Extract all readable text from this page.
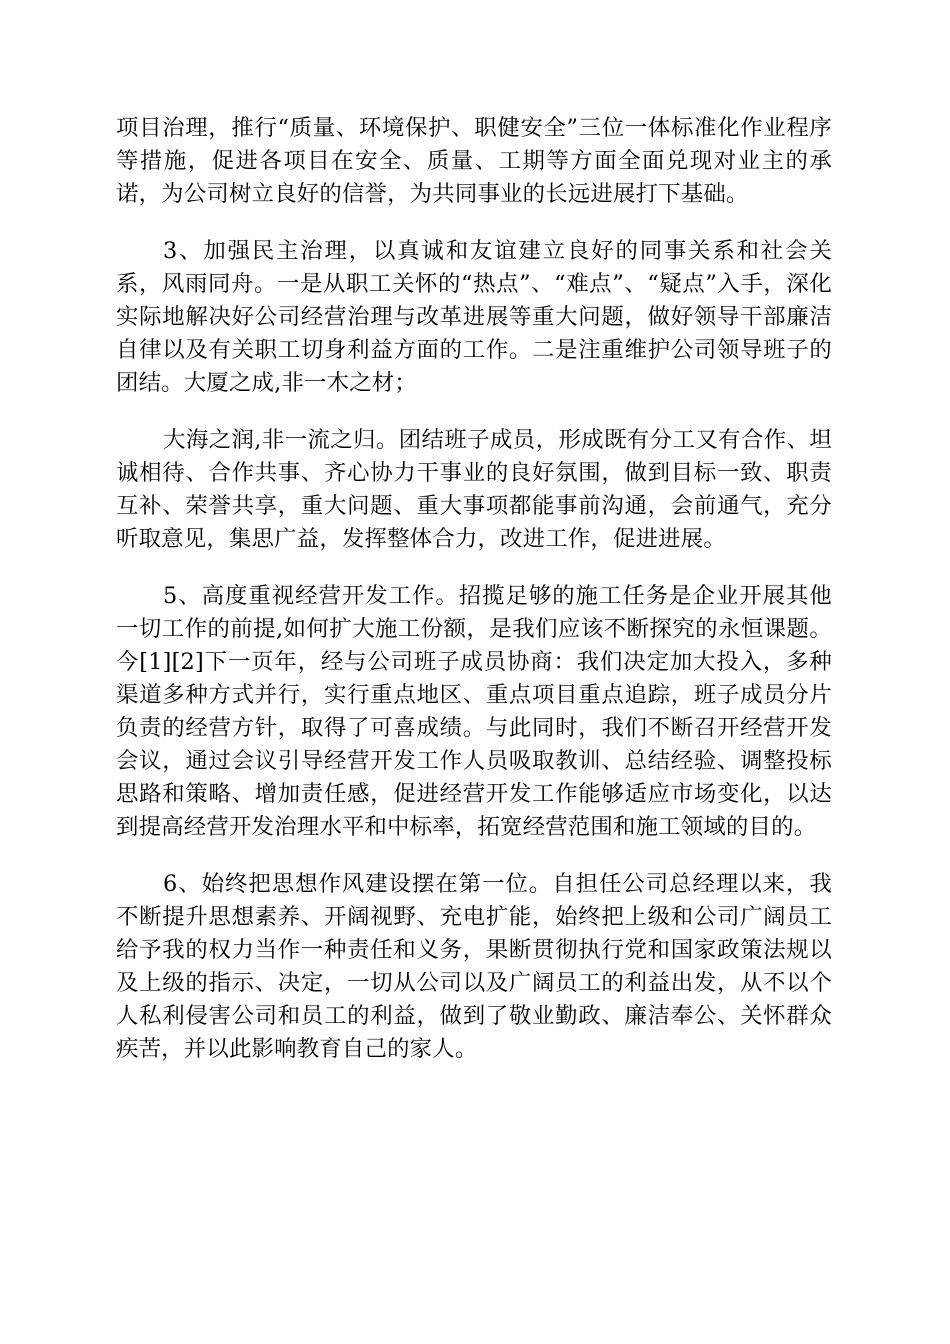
项目治理，推行“质量、环境保护、职健安全”三位一体标准化作业程序等措施，促进各项目在安全、质量、工期等方面全面兑现对业主的承诺，为公司树立良好的信誉，为共同事业的长远进展打下基础。

3、加强民主治理，以真诚和友谊建立良好的同事关系和社会关系，风雨同舟。一是从职工关怀的“热点”、“难点”、“疑点”入手，深化实际地解决好公司经营治理与改革进展等重大问题，做好领导干部廉洁自律以及有关职工切身利益方面的工作。二是注重维护公司领导班子的团结。大厦之成,非一木之材；

大海之润,非一流之归。团结班子成员，形成既有分工又有合作、坦诚相待、合作共事、齐心协力干事业的良好氛围，做到目标一致、职责互补、荣誉共享，重大问题、重大事项都能事前沟通，会前通气，充分听取意见，集思广益，发挥整体合力，改进工作，促进进展。

5、高度重视经营开发工作。招揽足够的施工任务是企业开展其他一切工作的前提,如何扩大施工份额，是我们应该不断探究的永恒课题。今[1][2]下一页年，经与公司班子成员协商：我们决定加大投入，多种渠道多种方式并行，实行重点地区、重点项目重点追踪，班子成员分片负责的经营方针，取得了可喜成绩。与此同时，我们不断召开经营开发会议，通过会议引导经营开发工作人员吸取教训、总结经验、调整投标思路和策略、增加责任感，促进经营开发工作能够适应市场变化，以达到提高经营开发治理水平和中标率，拓宽经营范围和施工领域的目的。

6、始终把思想作风建设摆在第一位。自担任公司总经理以来，我不断提升思想素养、开阔视野、充电扩能，始终把上级和公司广阔员工给予我的权力当作一种责任和义务，果断贯彻执行党和国家政策法规以及上级的指示、决定，一切从公司以及广阔员工的利益出发，从不以个人私利侵害公司和员工的利益，做到了敬业勤政、廉洁奉公、关怀群众疾苦，并以此影响教育自己的家人。
